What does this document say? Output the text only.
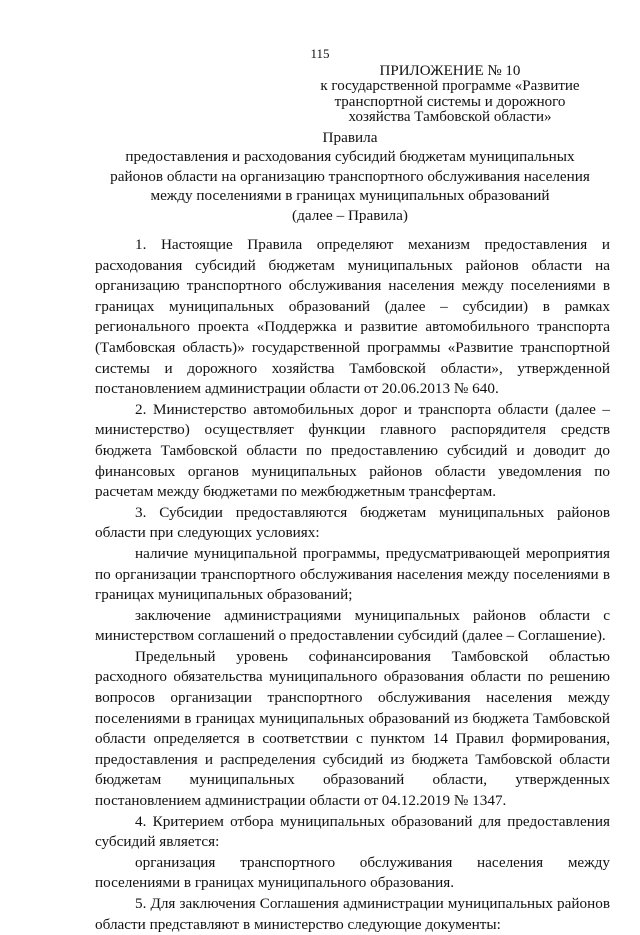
115
ПРИЛОЖЕНИЕ № 10
к государственной программе «Развитие
транспортной системы и дорожного
хозяйства Тамбовской области»
Правила
предоставления и расходования субсидий бюджетам муниципальных
районов области на организацию транспортного обслуживания населения
между поселениями в границах муниципальных образований
(далее – Правила)

1. Настоящие Правила определяют механизм предоставления и расходования субсидий бюджетам муниципальных районов области на организацию транспортного обслуживания населения между поселениями в границах муниципальных образований (далее – субсидии) в рамках регионального проекта «Поддержка и развитие автомобильного транспорта (Тамбовская область)» государственной программы «Развитие транспортной системы и дорожного хозяйства Тамбовской области», утвержденной постановлением администрации области от 20.06.2013 № 640.

2. Министерство автомобильных дорог и транспорта области (далее – министерство) осуществляет функции главного распорядителя средств бюджета Тамбовской области по предоставлению субсидий и доводит до финансовых органов муниципальных районов области уведомления по расчетам между бюджетами по межбюджетным трансфертам.

3. Субсидии предоставляются бюджетам муниципальных районов области при следующих условиях:

наличие муниципальной программы, предусматривающей мероприятия по организации транспортного обслуживания населения между поселениями в границах муниципальных образований;

заключение администрациями муниципальных районов области с министерством соглашений о предоставлении субсидий (далее – Соглашение).

Предельный уровень софинансирования Тамбовской областью расходного обязательства муниципального образования области по решению вопросов организации транспортного обслуживания населения между поселениями в границах муниципальных образований из бюджета Тамбовской области определяется в соответствии с пунктом 14 Правил формирования, предоставления и распределения субсидий из бюджета Тамбовской области бюджетам муниципальных образований области, утвержденных постановлением администрации области от 04.12.2019 № 1347.

4. Критерием отбора муниципальных образований для предоставления субсидий является:

организация транспортного обслуживания населения между поселениями в границах муниципального образования.

5. Для заключения Соглашения администрации муниципальных районов области представляют в министерство следующие документы:
